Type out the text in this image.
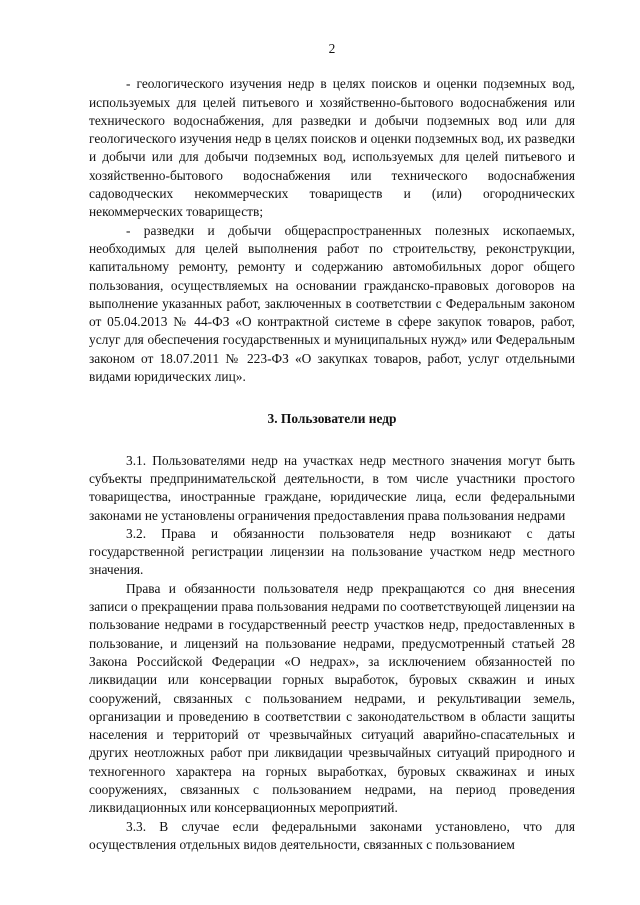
2

- геологического изучения недр в целях поисков и оценки подземных вод, используемых для целей питьевого и хозяйственно-бытового водоснабжения или технического водоснабжения, для разведки и добычи подземных вод или для геологического изучения недр в целях поисков и оценки подземных вод, их разведки и добычи или для добычи подземных вод, используемых для целей питьевого и хозяйственно-бытового водоснабжения или технического водоснабжения садоводческих некоммерческих товариществ и (или) огороднических некоммерческих товариществ;

- разведки и добычи общераспространенных полезных ископаемых, необходимых для целей выполнения работ по строительству, реконструкции, капитальному ремонту, ремонту и содержанию автомобильных дорог общего пользования, осуществляемых на основании гражданско-правовых договоров на выполнение указанных работ, заключенных в соответствии с Федеральным законом от 05.04.2013 № 44-ФЗ «О контрактной системе в сфере закупок товаров, работ, услуг для обеспечения государственных и муниципальных нужд» или Федеральным законом от 18.07.2011 № 223-ФЗ «О закупках товаров, работ, услуг отдельными видами юридических лиц».

3. Пользователи недр

3.1. Пользователями недр на участках недр местного значения могут быть субъекты предпринимательской деятельности, в том числе участники простого товарищества, иностранные граждане, юридические лица, если федеральными законами не установлены ограничения предоставления права пользования недрами

3.2. Права и обязанности пользователя недр возникают с даты государственной регистрации лицензии на пользование участком недр местного значения.

Права и обязанности пользователя недр прекращаются со дня внесения записи о прекращении права пользования недрами по соответствующей лицензии на пользование недрами в государственный реестр участков недр, предоставленных в пользование, и лицензий на пользование недрами, предусмотренный статьей 28 Закона Российской Федерации «О недрах», за исключением обязанностей по ликвидации или консервации горных выработок, буровых скважин и иных сооружений, связанных с пользованием недрами, и рекультивации земель, организации и проведению в соответствии с законодательством в области защиты населения и территорий от чрезвычайных ситуаций аварийно-спасательных и других неотложных работ при ликвидации чрезвычайных ситуаций природного и техногенного характера на горных выработках, буровых скважинах и иных сооружениях, связанных с пользованием недрами, на период проведения ликвидационных или консервационных мероприятий.

3.3. В случае если федеральными законами установлено, что для осуществления отдельных видов деятельности, связанных с пользованием
